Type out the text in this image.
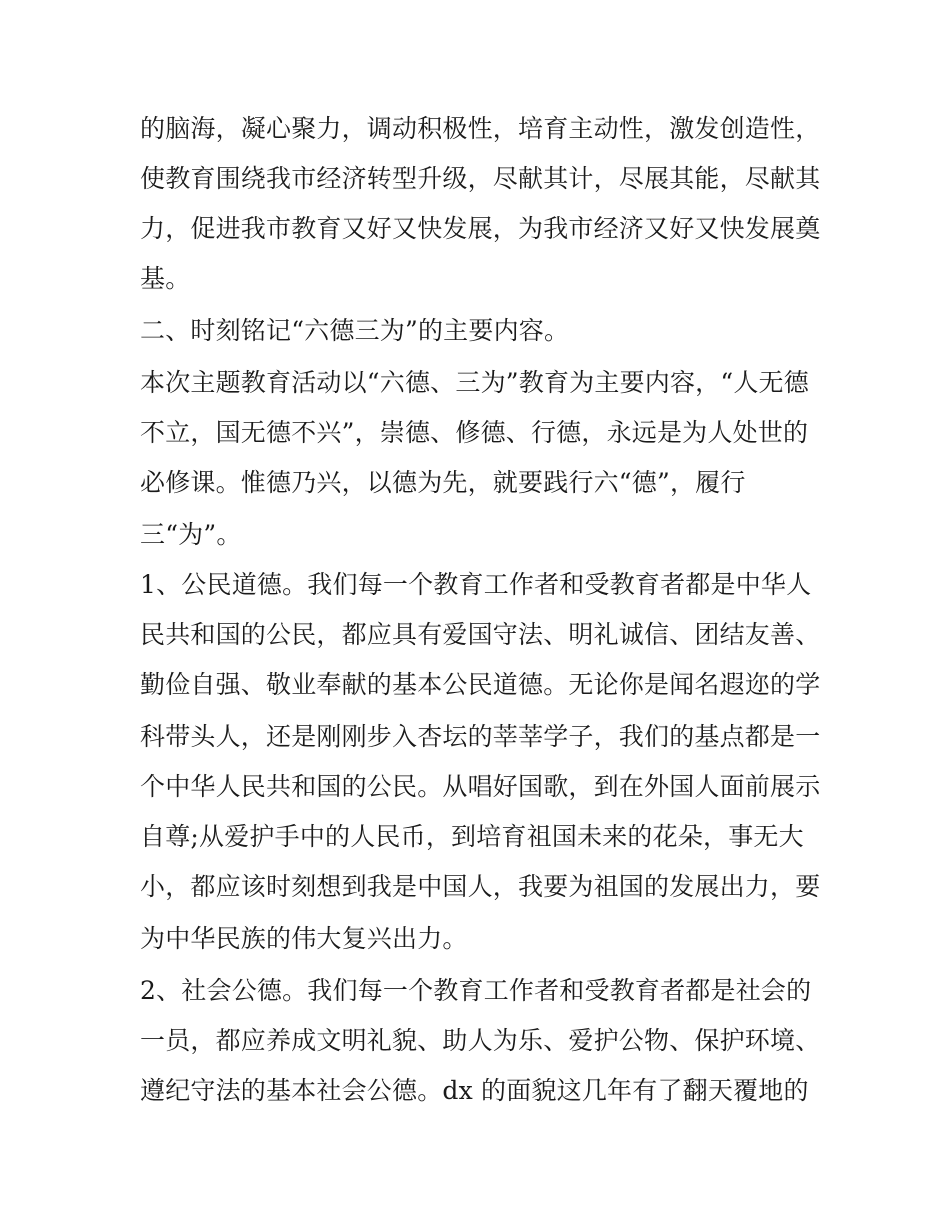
的脑海，凝心聚力，调动积极性，培育主动性，激发创造性，

使教育围绕我市经济转型升级，尽献其计，尽展其能，尽献其

力，促进我市教育又好又快发展，为我市经济又好又快发展奠

基。

二、时刻铭记“六德三为”的主要内容。

本次主题教育活动以“六德、三为”教育为主要内容，“人无德

不立，国无德不兴”，崇德、修德、行德，永远是为人处世的

必修课。惟德乃兴，以德为先，就要践行六“德”，履行

三“为”。

1、公民道德。我们每一个教育工作者和受教育者都是中华人

民共和国的公民，都应具有爱国守法、明礼诚信、团结友善、

勤俭自强、敬业奉献的基本公民道德。无论你是闻名遐迩的学

科带头人，还是刚刚步入杏坛的莘莘学子，我们的基点都是一

个中华人民共和国的公民。从唱好国歌，到在外国人面前展示

自尊;从爱护手中的人民币，到培育祖国未来的花朵，事无大

小，都应该时刻想到我是中国人，我要为祖国的发展出力，要

为中华民族的伟大复兴出力。

2、社会公德。我们每一个教育工作者和受教育者都是社会的

一员，都应养成文明礼貌、助人为乐、爱护公物、保护环境、

遵纪守法的基本社会公德。dx 的面貌这几年有了翻天覆地的
